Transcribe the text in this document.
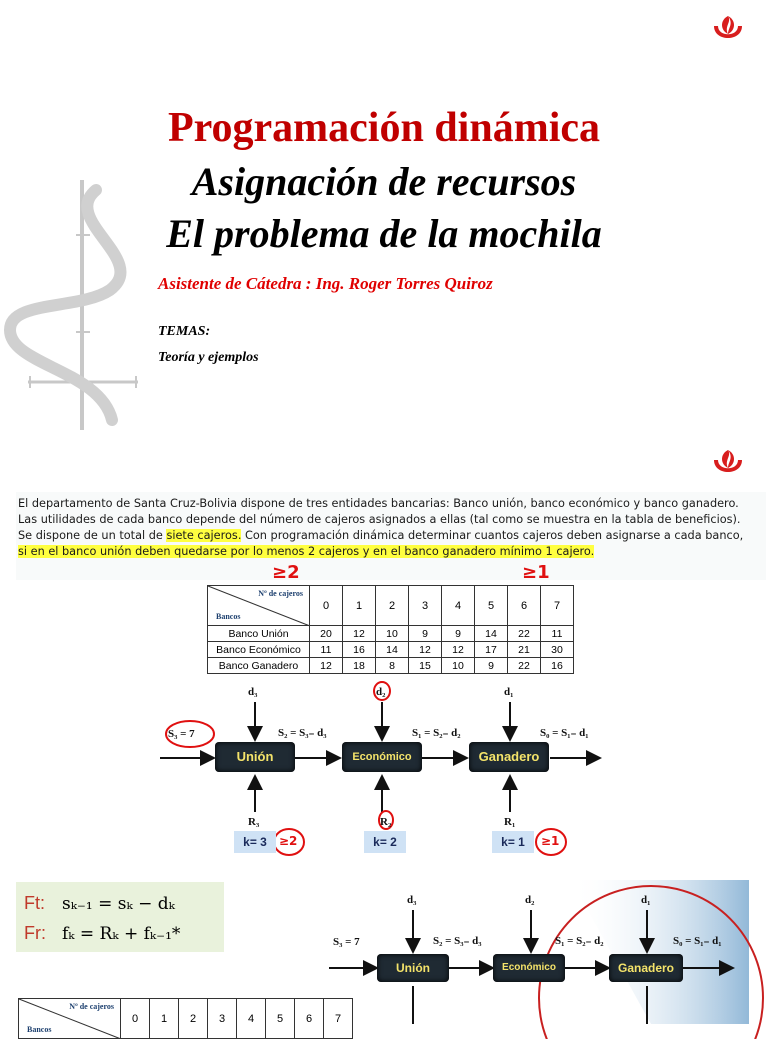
Programación dinámica
Asignación de recursos
El problema de la mochila
Asistente de Cátedra : Ing. Roger Torres Quiroz
TEMAS:
Teoría y ejemplos
El departamento de Santa Cruz-Bolivia dispone de tres entidades bancarias: Banco unión, banco económico y banco ganadero.
Las utilidades de cada banco depende del número de cajeros asignados a ellas (tal como se muestra en la tabla de beneficios).
Se dispone de un total de siete cajeros. Con programación dinámica determinar cuantos cajeros deben asignarse a cada banco,
si en el banco unión deben quedarse por lo menos 2 cajeros y en el banco ganadero mínimo 1 cajero.
≥2	≥1
Nº de cajeros
Bancos	0	1	2	3	4	5	6	7
Banco Unión	20	12	10	9	9	14	22	11
Banco Económico	11	16	14	12	12	17	21	30
Banco Ganadero	12	18	8	15	10	9	22	16
d₃	d₂	d₁
S₃ = 7	S₂ = S₃₋ d₃	S₁ = S₂₋ d₂	S₀ = S₁₋ d₁
Unión	Económico	Ganadero
R₃	R₂	R₁
k= 3	k= 2	k= 1
≥2	≥1
Ft: sₖ₋₁ = sₖ − dₖ
Fr: fₖ = Rₖ + fₖ₋₁*
d₃	d₂	d₁
S₃ = 7	S₂ = S₃₋ d₃	S₁ = S₂₋ d₂	S₀ = S₁₋ d₁
Unión	Económico	Ganadero
Nº de cajeros
Bancos
	0	1	2	3	4	5	6	7
